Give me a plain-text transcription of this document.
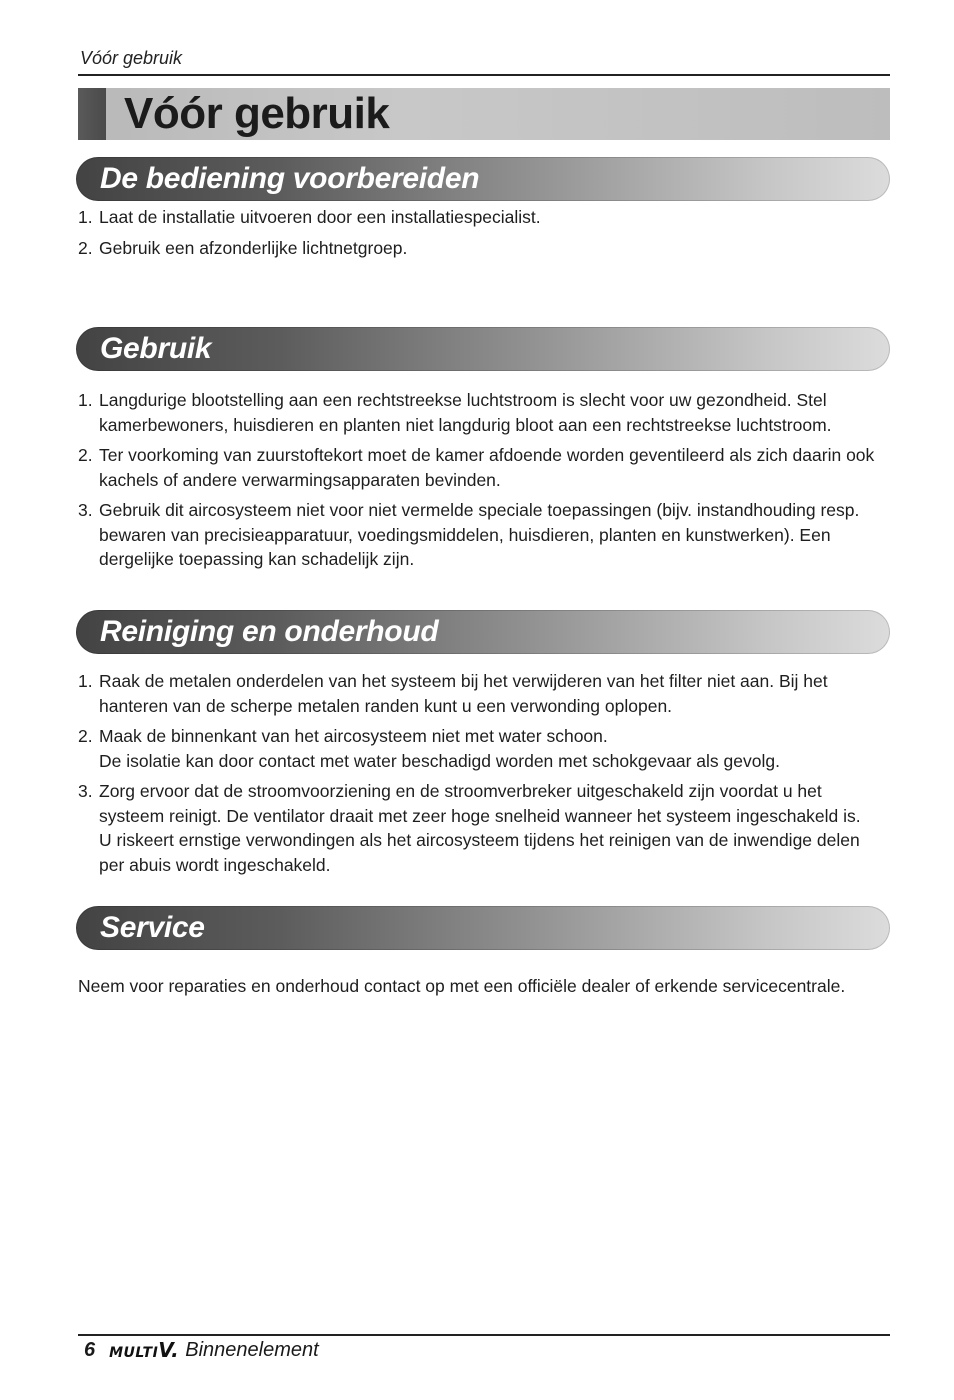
Vóór gebruik
Vóór gebruik
De bediening voorbereiden
1. Laat de installatie uitvoeren door een installatiespecialist.
2. Gebruik een afzonderlijke lichtnetgroep.
Gebruik
1. Langdurige blootstelling aan een rechtstreekse luchtstroom is slecht voor uw gezondheid. Stel kamerbewoners, huisdieren en planten niet langdurig bloot aan een rechtstreekse luchtstroom.
2. Ter voorkoming van zuurstoftekort moet de kamer afdoende worden geventileerd als zich daarin ook kachels of andere verwarmingsapparaten bevinden.
3. Gebruik dit aircosysteem niet voor niet vermelde speciale toepassingen (bijv. instandhouding resp. bewaren van precisieapparatuur, voedingsmiddelen, huisdieren, planten en kunstwerken). Een dergelijke toepassing kan schadelijk zijn.
Reiniging en onderhoud
1. Raak de metalen onderdelen van het systeem bij het verwijderen van het filter niet aan. Bij het hanteren van de scherpe metalen randen kunt u een verwonding oplopen.
2. Maak de binnenkant van het aircosysteem niet met water schoon.
De isolatie kan door contact met water beschadigd worden met schokgevaar als gevolg.
3. Zorg ervoor dat de stroomvoorziening en de stroomverbreker uitgeschakeld zijn voordat u het systeem reinigt. De ventilator draait met zeer hoge snelheid wanneer het systeem ingeschakeld is. U riskeert ernstige verwondingen als het aircosysteem tijdens het reinigen van de inwendige delen per abuis wordt ingeschakeld.
Service
Neem voor reparaties en onderhoud contact op met een officiële dealer of erkende servicecentrale.
6 MULTIV. Binnenelement
